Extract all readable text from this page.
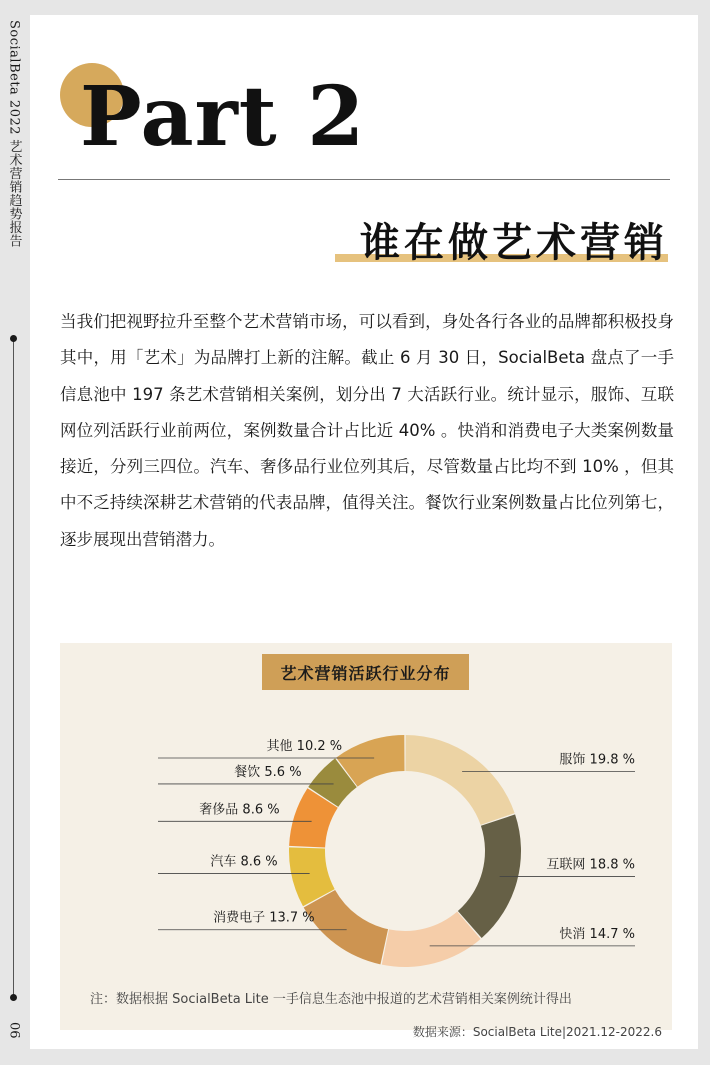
SocialBeta 2022 艺术营销趋势报告
06
Part 2
谁在做艺术营销

当我们把视野拉升至整个艺术营销市场，可以看到，身处各行各业的品牌都积极投身其中，用「艺术」为品牌打上新的注解。截止 6 月 30 日，SocialBeta 盘点了一手信息池中 197 条艺术营销相关案例，划分出 7 大活跃行业。统计显示，服饰、互联网位列活跃行业前两位，案例数量合计占比近 40% 。快消和消费电子大类案例数量接近，分列三四位。汽车、奢侈品行业位列其后，尽管数量占比均不到 10% ，但其中不乏持续深耕艺术营销的代表品牌，值得关注。餐饮行业案例数量占比位列第七，逐步展现出营销潜力。

服饰 19.8 %
互联网 18.8 %
快消 14.7 %
消费电子 13.7 %
汽车 8.6 %
奢侈品 8.6 %
餐饮 5.6 %
其他 10.2 %
艺术营销活跃行业分布
注：数据根据 SocialBeta Lite 一手信息生态池中报道的艺术营销相关案例统计得出
数据来源：SocialBeta Lite|2021.12-2022.6
